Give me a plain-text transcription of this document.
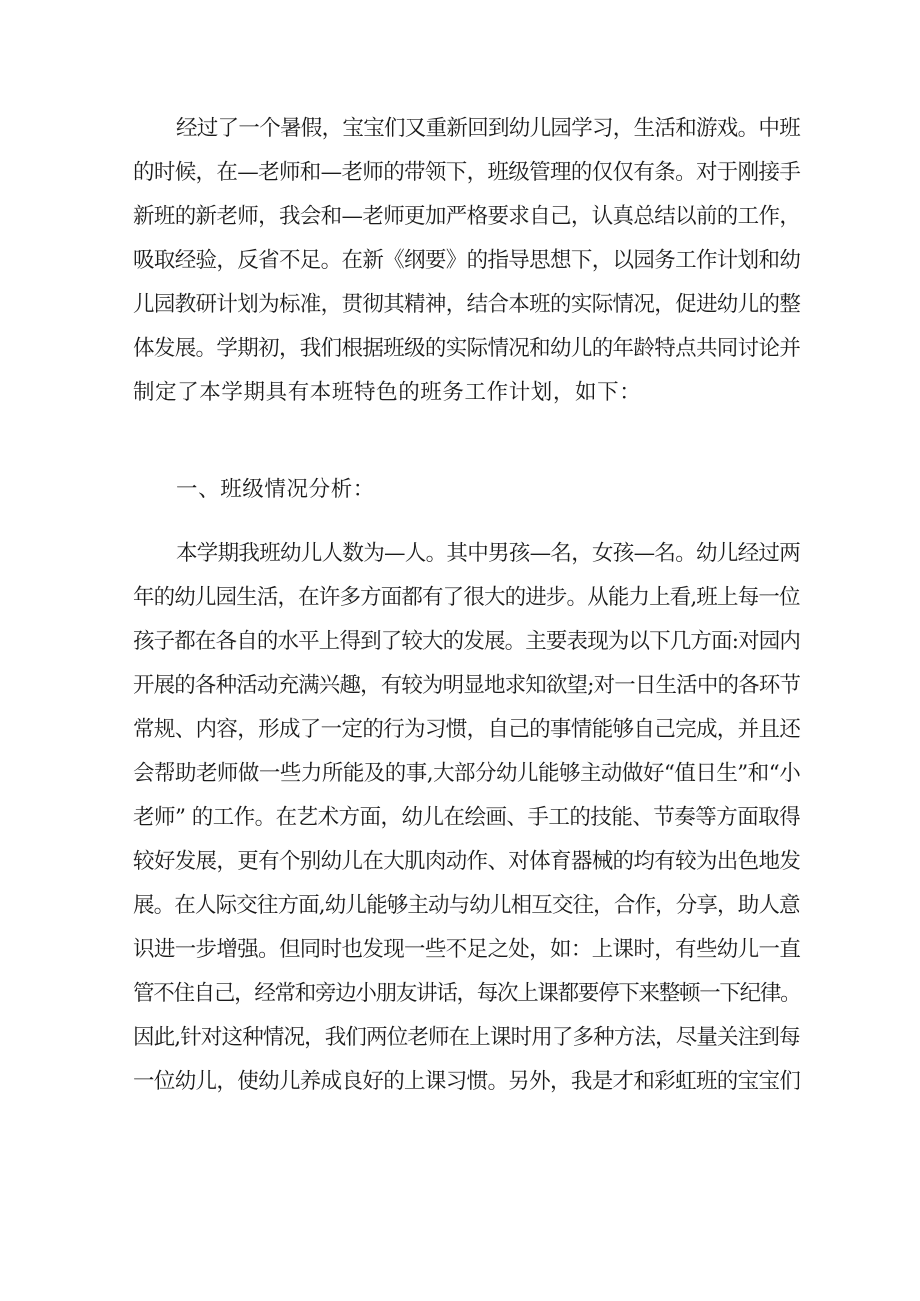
经过了一个暑假，宝宝们又重新回到幼儿园学习，生活和游戏。中班
的时候，在—老师和—老师的带领下，班级管理的仅仅有条。对于刚接手
新班的新老师，我会和—老师更加严格要求自己，认真总结以前的工作，
吸取经验，反省不足。在新《纲要》的指导思想下，以园务工作计划和幼
儿园教研计划为标准，贯彻其精神，结合本班的实际情况，促进幼儿的整
体发展。学期初，我们根据班级的实际情况和幼儿的年龄特点共同讨论并
制定了本学期具有本班特色的班务工作计划，如下：
一、班级情况分析：
本学期我班幼儿人数为—人。其中男孩—名，女孩—名。幼儿经过两
年的幼儿园生活，在许多方面都有了很大的进步。从能力上看,班上每一位
孩子都在各自的水平上得到了较大的发展。主要表现为以下几方面:对园内
开展的各种活动充满兴趣，有较为明显地求知欲望;对一日生活中的各环节
常规、内容，形成了一定的行为习惯，自己的事情能够自己完成，并且还
会帮助老师做一些力所能及的事,大部分幼儿能够主动做好“值日生”和“小
老师” 的工作。在艺术方面，幼儿在绘画、手工的技能、节奏等方面取得
较好发展，更有个别幼儿在大肌肉动作、对体育器械的均有较为出色地发
展。在人际交往方面,幼儿能够主动与幼儿相互交往，合作，分享，助人意
识进一步增强。但同时也发现一些不足之处，如：上课时，有些幼儿一直
管不住自己，经常和旁边小朋友讲话，每次上课都要停下来整顿一下纪律。
因此,针对这种情况，我们两位老师在上课时用了多种方法，尽量关注到每
一位幼儿，使幼儿养成良好的上课习惯。另外，我是才和彩虹班的宝宝们
